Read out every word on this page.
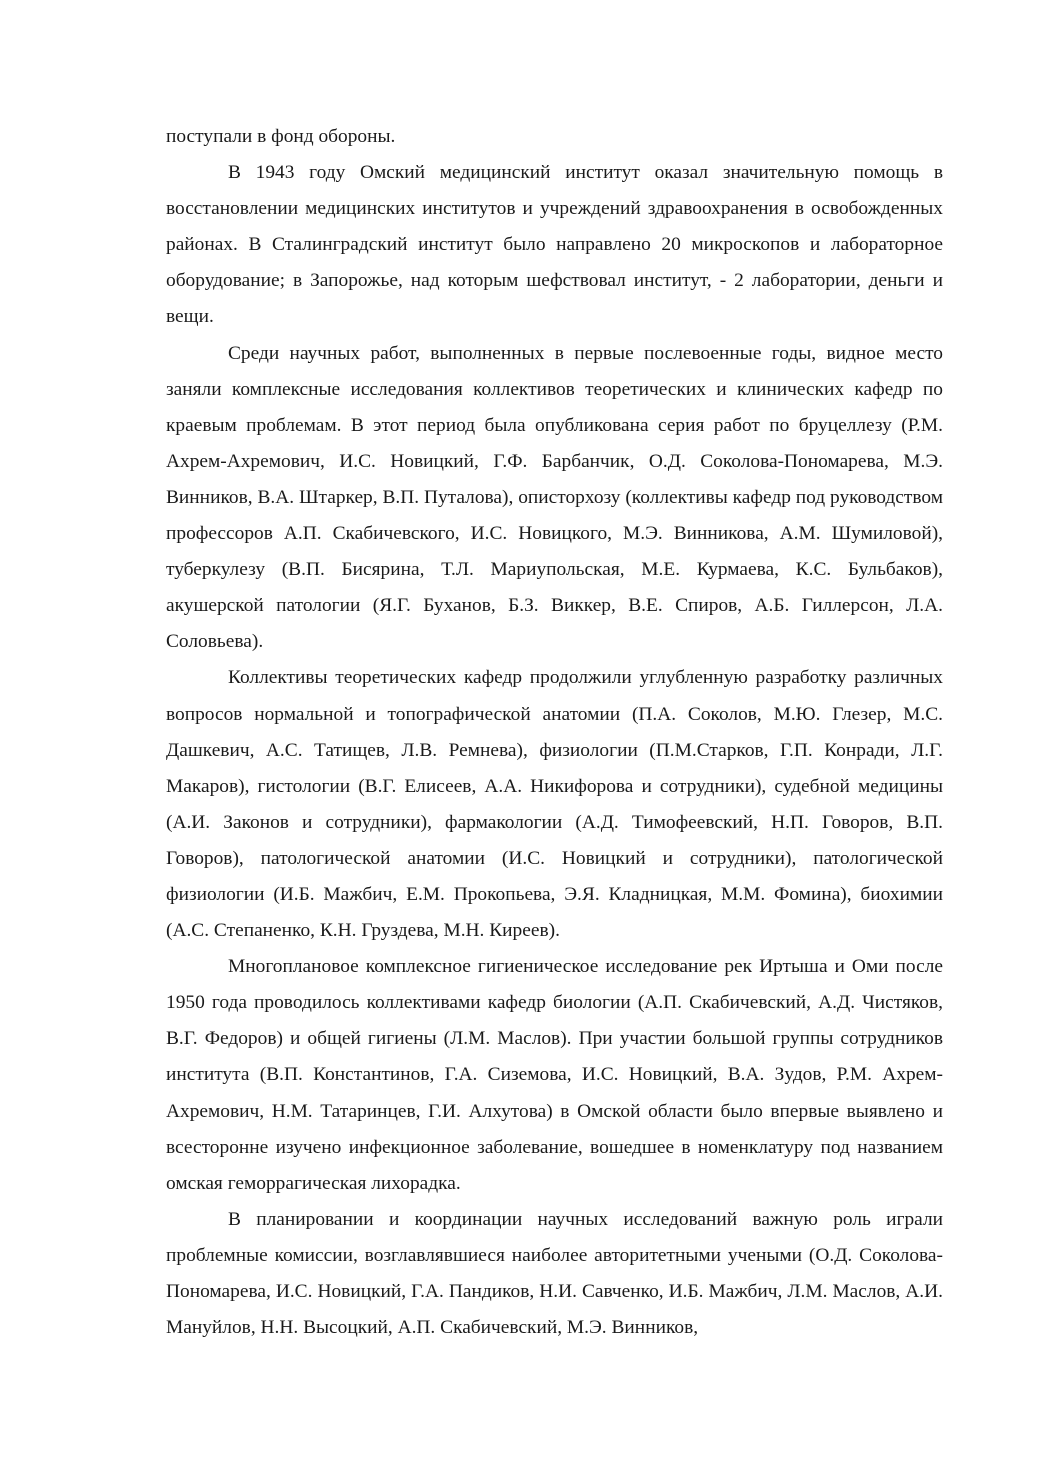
поступали в фонд обороны.

В 1943 году Омский медицинский институт оказал значительную помощь в восстановлении медицинских институтов и учреждений здравоохранения в освобожденных районах. В Сталинградский институт было направлено 20 микроскопов и лабораторное оборудование; в Запорожье, над которым шефствовал институт, - 2 лаборатории, деньги и вещи.

Среди научных работ, выполненных в первые послевоенные годы, видное место заняли комплексные исследования коллективов теоретических и клинических кафедр по краевым проблемам. В этот период была опубликована серия работ по бруцеллезу (Р.М. Ахрем-Ахремович, И.С. Новицкий, Г.Ф. Барбанчик, О.Д. Соколова-Пономарева, М.Э. Винников, В.А. Штаркер, В.П. Путалова), описторхозу (коллективы кафедр под руководством профессоров А.П. Скабичевского, И.С. Новицкого, М.Э. Винникова, А.М. Шумиловой), туберкулезу (В.П. Бисярина, Т.Л. Мариупольская, М.Е. Курмаева, К.С. Бульбаков), акушерской патологии (Я.Г. Буханов, Б.З. Виккер, В.Е. Спиров, А.Б. Гиллерсон, Л.А. Соловьева).

Коллективы теоретических кафедр продолжили углубленную разработку различных вопросов нормальной и топографической анатомии (П.А. Соколов, М.Ю. Глезер, М.С. Дашкевич, А.С. Татищев, Л.В. Ремнева), физиологии (П.М.Старков, Г.П. Конради, Л.Г. Макаров), гистологии (В.Г. Елисеев, А.А. Никифорова и сотрудники), судебной медицины (А.И. Законов и сотрудники), фармакологии (А.Д. Тимофеевский, Н.П. Говоров, В.П. Говоров), патологической анатомии (И.С. Новицкий и сотрудники), патологической физиологии (И.Б. Мажбич, Е.М. Прокопьева, Э.Я. Кладницкая, М.М. Фомина), биохимии (А.С. Степаненко, К.Н. Груздева, М.Н. Киреев).

Многоплановое комплексное гигиеническое исследование рек Иртыша и Оми после 1950 года проводилось коллективами кафедр биологии (А.П. Скабичевский, А.Д. Чистяков, В.Г. Федоров) и общей гигиены (Л.М. Маслов). При участии большой группы сотрудников института (В.П. Константинов, Г.А. Сиземова, И.С. Новицкий, В.А. Зудов, Р.М. Ахрем-Ахремович, Н.М. Татаринцев, Г.И. Алхутова) в Омской области было впервые выявлено и всесторонне изучено инфекционное заболевание, вошедшее в номенклатуру под названием омская геморрагическая лихорадка.

В планировании и координации научных исследований важную роль играли проблемные комиссии, возглавлявшиеся наиболее авторитетными учеными (О.Д. Соколова-Пономарева, И.С. Новицкий, Г.А. Пандиков, Н.И. Савченко, И.Б. Мажбич, Л.М. Маслов, А.И. Мануйлов, Н.Н. Высоцкий, А.П. Скабичевский, М.Э. Винников,
